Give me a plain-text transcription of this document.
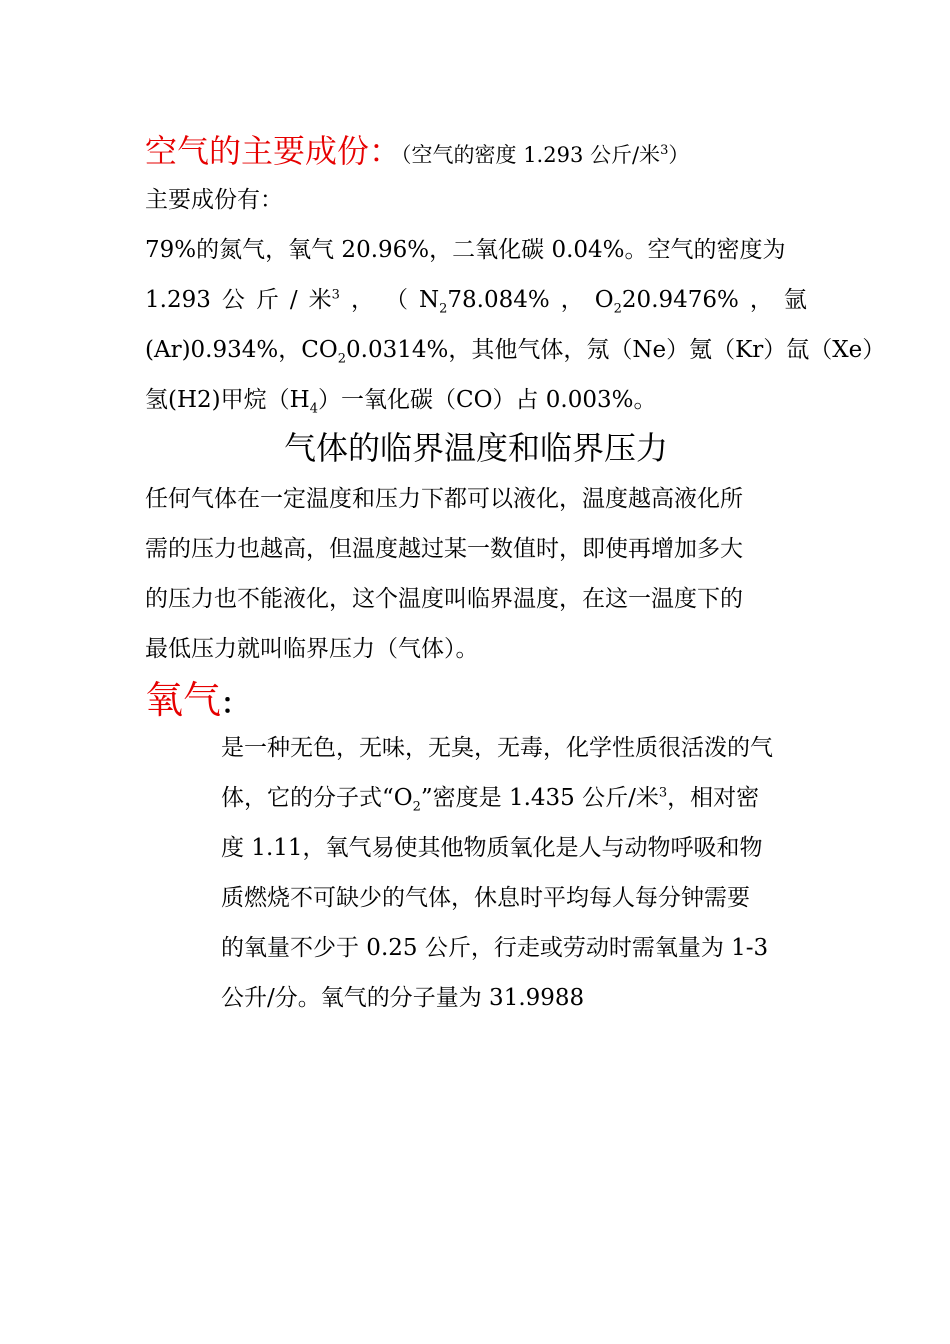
空气的主要成份：（空气的密度 1.293 公斤/米$^3$）
主要成份有：
79%的氮气，氧气 20.96%，二氧化碳 0.04%。空气的密度为
1.293 公 斤 / 米$^3$ ， （ $N_278.084\%$ ， $O_220.9476\%$ ， 氩
(Ar)0.934%，$CO_20.0314\%$，其他气体，氖（Ne）氪（Kr）氙（Xe）
氢(H2)甲烷$(H_4)$一氧化碳（CO）占 0.003%。
气体的临界温度和临界压力
任何气体在一定温度和压力下都可以液化，温度越高液化所
需的压力也越高，但温度越过某一数值时，即使再增加多大
的压力也不能液化，这个温度叫临界温度，在这一温度下的
最低压力就叫临界压力（气体）。
氧气：
是一种无色，无味，无臭，无毒，化学性质很活泼的气
体，它的分子式“$O_2$”密度是 1.435 公斤/米$^3$，相对密
度 1.11，氧气易使其他物质氧化是人与动物呼吸和物
质燃烧不可缺少的气体，休息时平均每人每分钟需要
的氧量不少于 0.25 公斤，行走或劳动时需氧量为 1-3
公升/分。氧气的分子量为 31.9988
